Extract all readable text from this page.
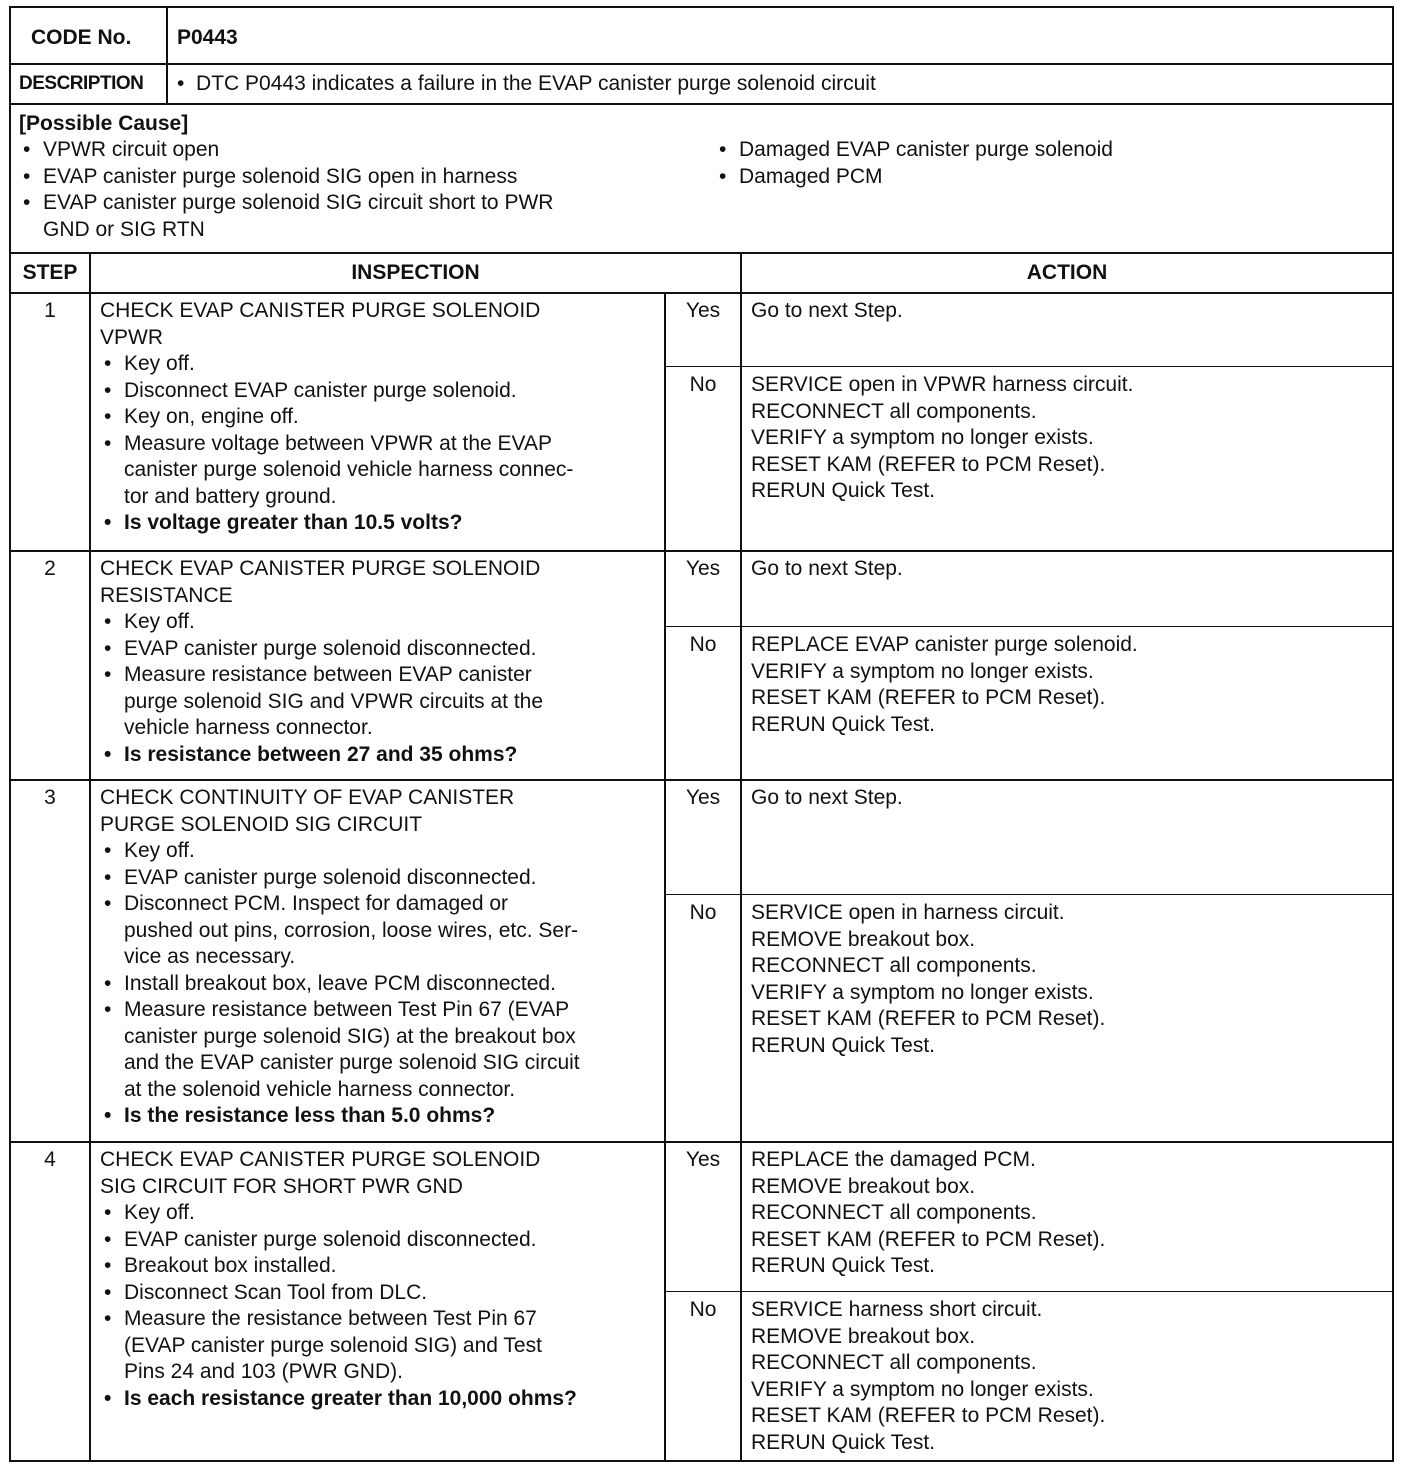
CODE No. P0443
DESCRIPTION •  DTC P0443 indicates a failure in the EVAP canister purge solenoid circuit
[Possible Cause]
• VPWR circuit open
• EVAP canister purge solenoid SIG open in harness
• EVAP canister purge solenoid SIG circuit short to PWR
GND or SIG RTN
• Damaged EVAP canister purge solenoid
• Damaged PCM
STEP	INSPECTION	ACTION
1	CHECK EVAP CANISTER PURGE SOLENOID
VPWR
• Key off.
• Disconnect EVAP canister purge solenoid.
• Key on, engine off.
• Measure voltage between VPWR at the EVAP
canister purge solenoid vehicle harness connec-
tor and battery ground.
• Is voltage greater than 10.5 volts?
Yes	Go to next Step.
No	SERVICE open in VPWR harness circuit.
RECONNECT all components.
VERIFY a symptom no longer exists.
RESET KAM (REFER to PCM Reset).
RERUN Quick Test.
2	CHECK EVAP CANISTER PURGE SOLENOID
RESISTANCE
• Key off.
• EVAP canister purge solenoid disconnected.
• Measure resistance between EVAP canister
purge solenoid SIG and VPWR circuits at the
vehicle harness connector.
• Is resistance between 27 and 35 ohms?
Yes	Go to next Step.
No	REPLACE EVAP canister purge solenoid.
VERIFY a symptom no longer exists.
RESET KAM (REFER to PCM Reset).
RERUN Quick Test.
3	CHECK CONTINUITY OF EVAP CANISTER
PURGE SOLENOID SIG CIRCUIT
• Key off.
• EVAP canister purge solenoid disconnected.
• Disconnect PCM. Inspect for damaged or
pushed out pins, corrosion, loose wires, etc. Ser-
vice as necessary.
• Install breakout box, leave PCM disconnected.
• Measure resistance between Test Pin 67 (EVAP
canister purge solenoid SIG) at the breakout box
and the EVAP canister purge solenoid SIG circuit
at the solenoid vehicle harness connector.
• Is the resistance less than 5.0 ohms?
Yes	Go to next Step.
No	SERVICE open in harness circuit.
REMOVE breakout box.
RECONNECT all components.
VERIFY a symptom no longer exists.
RESET KAM (REFER to PCM Reset).
RERUN Quick Test.
4	CHECK EVAP CANISTER PURGE SOLENOID
SIG CIRCUIT FOR SHORT PWR GND
• Key off.
• EVAP canister purge solenoid disconnected.
• Breakout box installed.
• Disconnect Scan Tool from DLC.
• Measure the resistance between Test Pin 67
(EVAP canister purge solenoid SIG) and Test
Pins 24 and 103 (PWR GND).
• Is each resistance greater than 10,000 ohms?
Yes	REPLACE the damaged PCM.
REMOVE breakout box.
RECONNECT all components.
RESET KAM (REFER to PCM Reset).
RERUN Quick Test.
No	SERVICE harness short circuit.
REMOVE breakout box.
RECONNECT all components.
VERIFY a symptom no longer exists.
RESET KAM (REFER to PCM Reset).
RERUN Quick Test.
